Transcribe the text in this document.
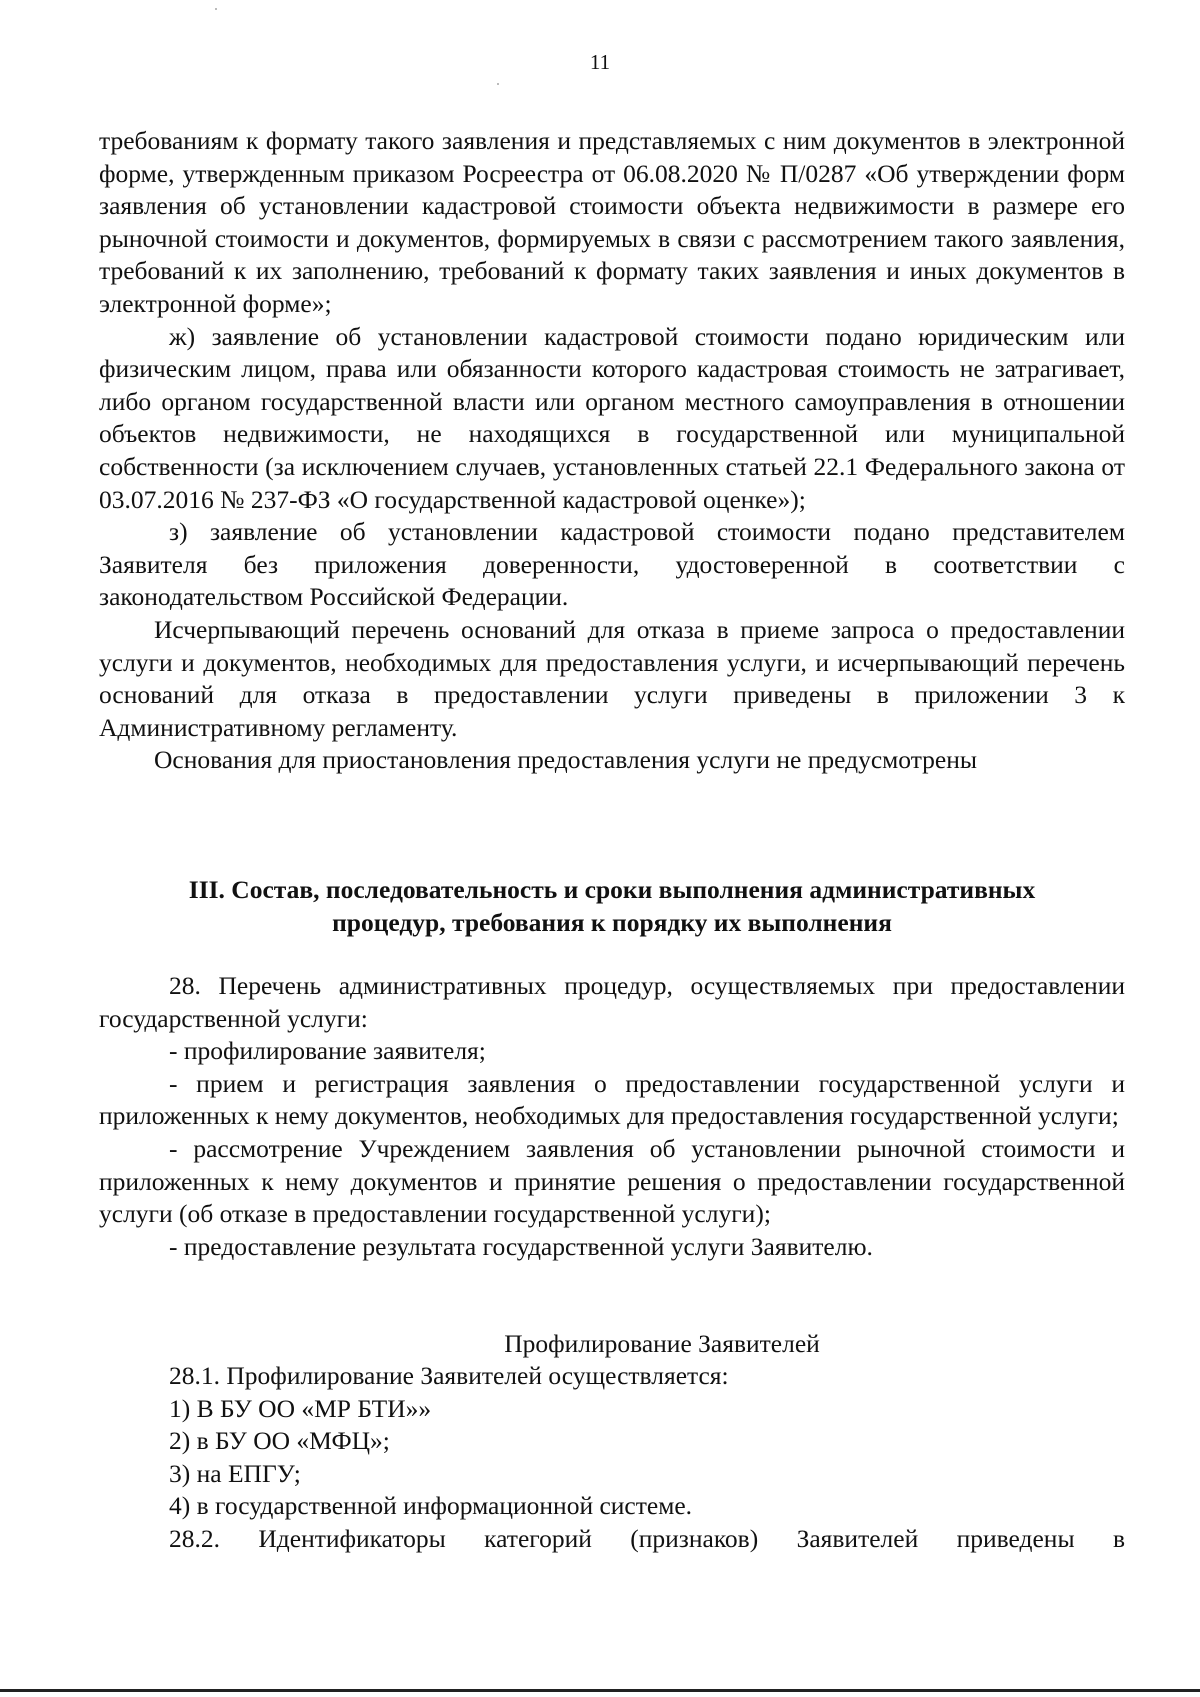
11

требованиям к формату такого заявления и представляемых с ним документов в электронной форме, утвержденным приказом Росреестра от 06.08.2020 № П/0287 «Об утверждении форм заявления об установлении кадастровой стоимости объекта недвижимости в размере его рыночной стоимости и документов, формируемых в связи с рассмотрением такого заявления, требований к их заполнению, требований к формату таких заявления и иных документов в электронной форме»;

ж) заявление об установлении кадастровой стоимости подано юридическим или физическим лицом, права или обязанности которого кадастровая стоимость не затрагивает, либо органом государственной власти или органом местного самоуправления в отношении объектов недвижимости, не находящихся в государственной или муниципальной собственности (за исключением случаев, установленных статьей 22.1 Федерального закона от 03.07.2016 № 237-ФЗ «О государственной кадастровой оценке»);

з) заявление об установлении кадастровой стоимости подано представителем Заявителя без приложения доверенности, удостоверенной в соответствии с законодательством Российской Федерации.

Исчерпывающий перечень оснований для отказа в приеме запроса о предоставлении услуги и документов, необходимых для предоставления услуги, и исчерпывающий перечень оснований для отказа в предоставлении услуги приведены в приложении 3 к Административному регламенту.

Основания для приостановления предоставления услуги не предусмотрены

III. Состав, последовательность и сроки выполнения административных
процедур, требования к порядку их выполнения

28. Перечень административных процедур, осуществляемых при предоставлении государственной услуги:

- профилирование заявителя;

- прием и регистрация заявления о предоставлении государственной услуги и приложенных к нему документов, необходимых для предоставления государственной услуги;

- рассмотрение Учреждением заявления об установлении рыночной стоимости и приложенных к нему документов и принятие решения о предоставлении государственной услуги (об отказе в предоставлении государственной услуги);

- предоставление результата государственной услуги Заявителю.

Профилирование Заявителей

28.1. Профилирование Заявителей осуществляется:

1) В БУ ОО «МР БТИ»»

2) в БУ ОО «МФЦ»;

3) на ЕПГУ;

4) в государственной информационной системе.

28.2. Идентификаторы категорий (признаков) Заявителей приведены в
